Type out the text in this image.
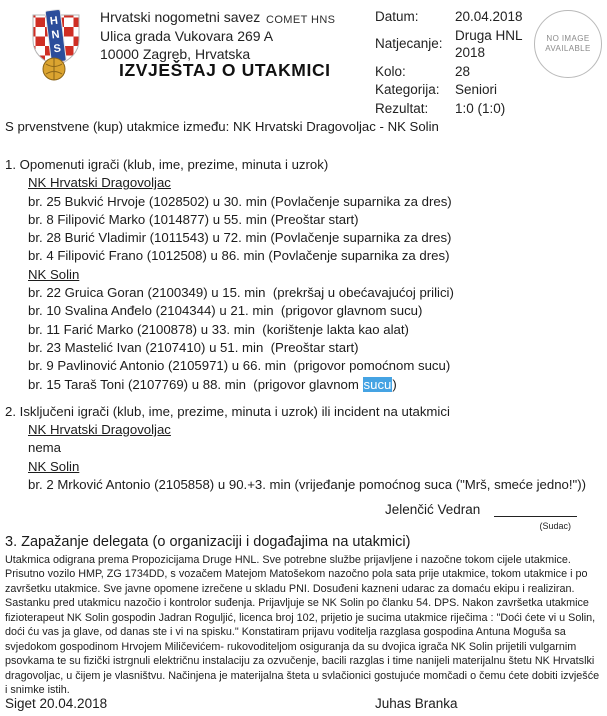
H
N
S
Hrvatski nogometni savez
Ulica grada Vukovara 269 A
10000 Zagreb, Hrvatska
COMET HNS
IZVJEŠTAJ O UTAKMICI
Datum:	20.04.2018
Natjecanje:
Druga HNL 2018
Kolo:	28
Kategorija:	Seniori
Rezultat:	1:0 (1:0)
NO IMAGE
AVAILABLE
S prvenstvene (kup) utakmice između: NK Hrvatski Dragovoljac - NK Solin
1. Opomenuti igrači (klub, ime, prezime, minuta i uzrok)
NK Hrvatski Dragovoljac
br. 25 Bukvić Hrvoje (1028502) u 30. min (Povlačenje suparnika za dres)
br. 8 Filipović Marko (1014877) u 55. min (Preoštar start)
br. 28 Burić Vladimir (1011543) u 72. min (Povlačenje suparnika za dres)
br. 4 Filipović Frano (1012508) u 86. min (Povlačenje suparnika za dres)
NK Solin
br. 22 Gruica Goran (2100349) u 15. min  (prekršaj u obećavajućoj prilici)
br. 10 Svalina Anđelo (2104344) u 21. min  (prigovor glavnom sucu)
br. 11 Farić Marko (2100878) u 33. min  (korištenje lakta kao alat)
br. 23 Mastelić Ivan (2107410) u 51. min  (Preoštar start)
br. 9 Pavlinović Antonio (2105971) u 66. min  (prigovor pomoćnom sucu)
br. 15 Taraš Toni (2107769) u 88. min  (prigovor glavnom sucu)
2. Isključeni igrači (klub, ime, prezime, minuta i uzrok) ili incident na utakmici
NK Hrvatski Dragovoljac
nema
NK Solin
br. 2 Mrković Antonio (2105858) u 90.+3. min (vrijeđanje pomoćnog suca ("Mrš, smeće jedno!"))
Jelenčić Vedran
(Sudac)
3. Zapažanje delegata (o organizaciji i događajima na utakmici)
Utakmica odigrana prema Propozicijama Druge HNL. Sve potrebne službe prijavljene i nazočne tokom cijele utakmice. Prisutno vozilo HMP, ZG 1734DD, s vozačem Matejom Matošekom nazočno pola sata prije utakmice, tokom utakmice i po završetku utakmice. Sve javne opomene izrečene u skladu PNI. Dosuđeni kazneni udarac za domaću ekipu i realiziran. Sastanku pred utakmicu nazočio i kontrolor suđenja. Prijavljuje se NK Solin po članku 54. DPS. Nakon završetka utakmice fizioterapeut NK Solin gospodin Jadran Roguljić, licenca broj 102, prijetio je sucima utakmice riječima : "Doći ćete vi u Solin, doći ću vas ja glave, od danas ste i vi na spisku." Konstatiram prijavu voditelja razglasa gospodina Antuna Moguša sa svjedokom gospodinom Hrvojem Miličevićem- rukovoditeljom osiguranja da su dvojica igrača NK Solin prijetili vulgarnim psovkama te su fizički istrgnuli električnu instalaciju za ozvučenje, bacili razglas i time nanijeli materijalnu štetu NK Hrvatslki dragovoljac, u čijem je vlasništvu. Načinjena je materijalna šteta u svlačionici gostujuće momčadi o čemu ćete dobiti izvješće i snimke istih.
Siget 20.04.2018	Juhas Branka
